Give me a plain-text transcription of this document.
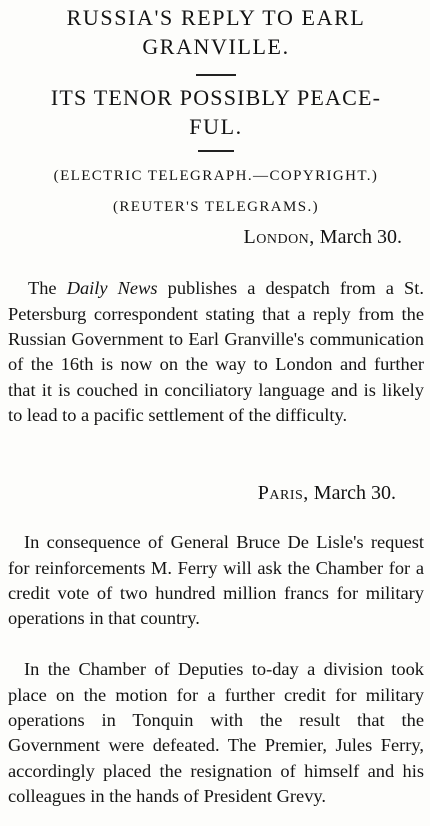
RUSSIA'S REPLY TO EARL
GRANVILLE.
ITS TENOR POSSIBLY PEACE-
FUL.
(ELECTRIC TELEGRAPH.—COPYRIGHT.)
(REUTER'S TELEGRAMS.)
London, March 30.

The Daily News publishes a despatch from a St. Petersburg correspondent stating that a reply from the Russian Government to Earl Granville's communication of the 16th is now on the way to London and further that it is couched in conciliatory language and is likely to lead to a pacific settlement of the difficulty.

Paris, March 30.

In consequence of General Bruce De Lisle's request for reinforcements M. Ferry will ask the Chamber for a credit vote of two hundred million francs for military operations in that country.

In the Chamber of Deputies to-day a division took place on the motion for a further credit for military operations in Tonquin with the result that the Government were defeated. The Premier, Jules Ferry, accordingly placed the resignation of himself and his colleagues in the hands of President Grevy.
